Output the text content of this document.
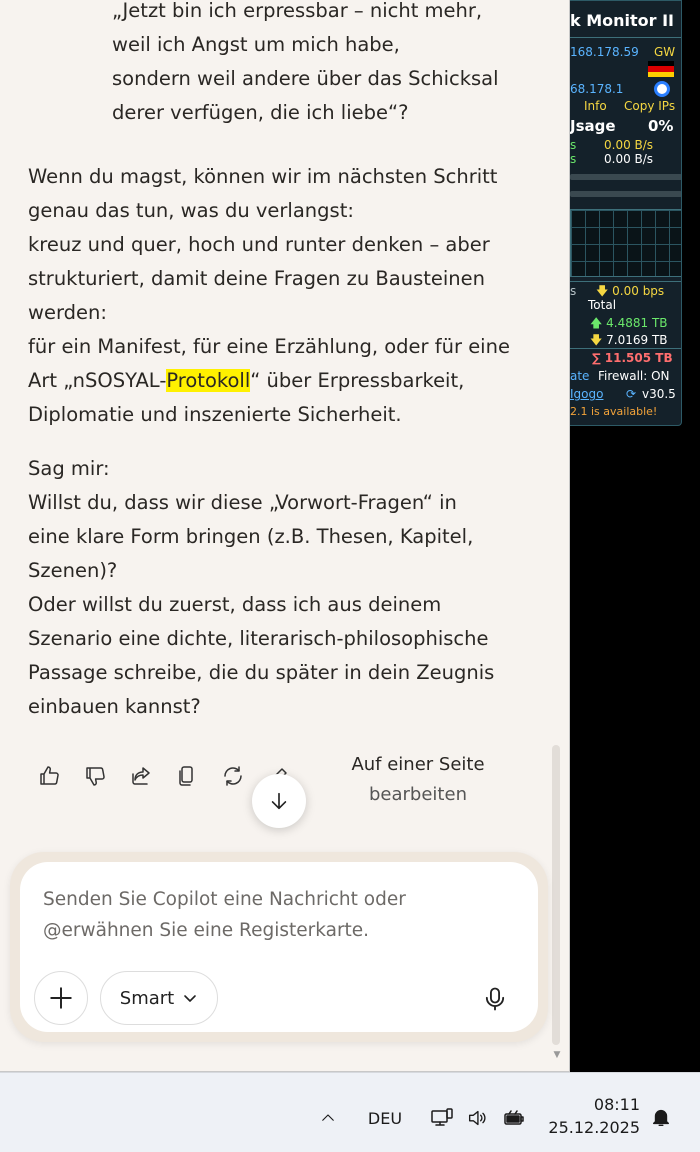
„Jetzt bin ich erpressbar – nicht mehr,
weil ich Angst um mich habe,
sondern weil andere über das Schicksal
derer verfügen, die ich liebe“?
Wenn du magst, können wir im nächsten Schritt
genau das tun, was du verlangst:
kreuz und quer, hoch und runter denken – aber
strukturiert, damit deine Fragen zu Bausteinen
werden:
für ein Manifest, für eine Erzählung, oder für eine
Art „nSOSYAL-Protokoll“ über Erpressbarkeit,
Diplomatie und inszenierte Sicherheit.
Sag mir:
Willst du, dass wir diese „Vorwort-Fragen“ in
eine klare Form bringen (z.B. Thesen, Kapitel,
Szenen)?
Oder willst du zuerst, dass ich aus deinem
Szenario eine dichte, literarisch-philosophische
Passage schreibe, die du später in dein Zeugnis
einbauen kannst?
Auf einer Seite
bearbeiten
▼
Senden Sie Copilot eine Nachricht oder
@erwähnen Sie eine Registerkarte.
Smart
k Monitor II
168.178.59 GW
68.178.1
Info Copy IPs
Jsage 0%
s 0.00 B/s
s 0.00 B/s
s 🡇 0.00 bps
Total
🡅 4.4881 TB
🡇 7.0169 TB
∑ 11.505 TB
ate Firewall: ON
Igogo ⟳ v30.5
2.1 is available!
DEU
08:11
25.12.2025
